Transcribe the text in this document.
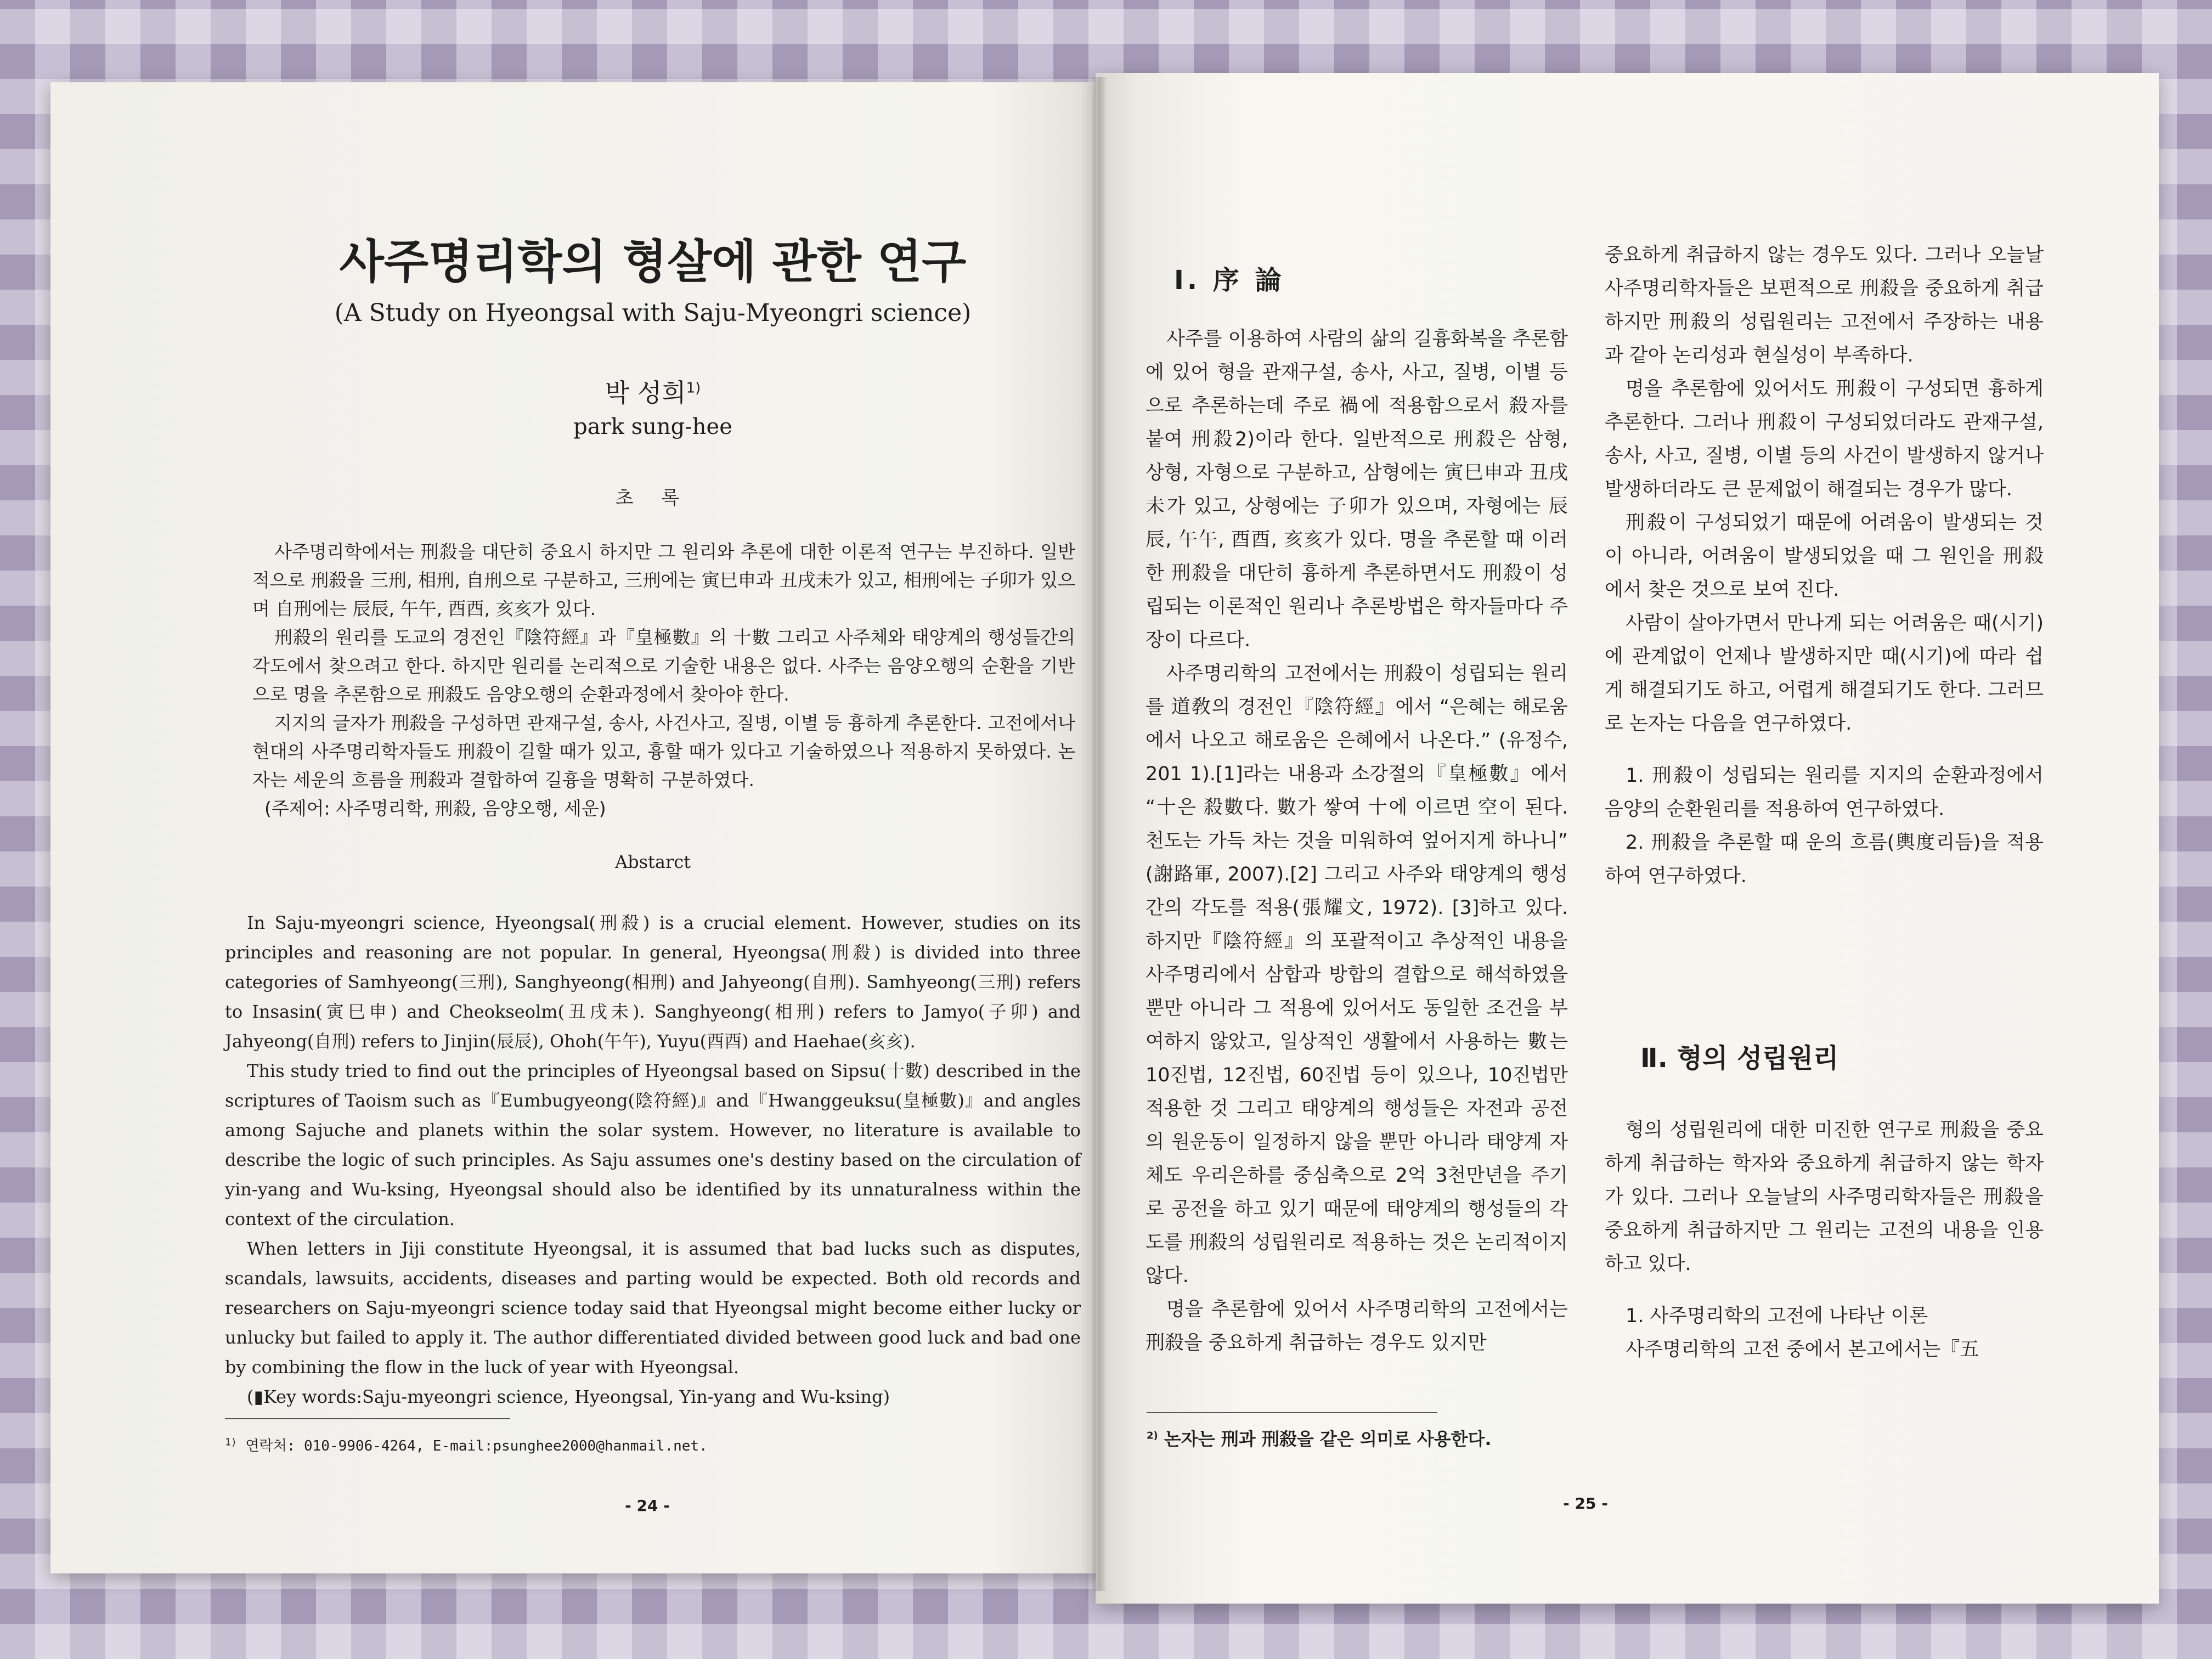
사주명리학의 형살에 관한 연구
(A Study on Hyeongsal with Saju-Myeongri science)
박 성희$^{1)}$
park sung-hee
초 록

사주명리학에서는 刑殺을 대단히 중요시 하지만 그 원리와 추론에 대한 이론적 연구는 부진하다. 일반적으로 刑殺을 三刑, 相刑, 自刑으로 구분하고, 三刑에는 寅巳申과 丑戌未가 있고, 相刑에는 子卯가 있으며 自刑에는 辰辰, 午午, 酉酉, 亥亥가 있다.

刑殺의 원리를 도교의 경전인『陰符經』과『皇極數』의 十數 그리고 사주체와 태양계의 행성들간의 각도에서 찾으려고 한다. 하지만 원리를 논리적으로 기술한 내용은 없다. 사주는 음양오행의 순환을 기반으로 명을 추론함으로 刑殺도 음양오행의 순환과정에서 찾아야 한다.

지지의 글자가 刑殺을 구성하면 관재구설, 송사, 사건사고, 질병, 이별 등 흉하게 추론한다. 고전에서나 현대의 사주명리학자들도 刑殺이 길할 때가 있고, 흉할 때가 있다고 기술하였으나 적용하지 못하였다. 논자는 세운의 흐름을 刑殺과 결합하여 길흉을 명확히 구분하였다.

(주제어: 사주명리학, 刑殺, 음양오행, 세운)

Abstarct

In Saju-myeongri science, Hyeongsal(刑殺) is a crucial element. However, studies on its principles and reasoning are not popular. In general, Hyeongsa(刑殺) is divided into three categories of Samhyeong(三刑), Sanghyeong(相刑) and Jahyeong(自刑). Samhyeong(三刑) refers to Insasin(寅巳申) and Cheokseolm(丑戌未). Sanghyeong(相刑) refers to Jamyo(子卯) and Jahyeong(自刑) refers to Jinjin(辰辰), Ohoh(午午), Yuyu(酉酉) and Haehae(亥亥).

This study tried to find out the principles of Hyeongsal based on Sipsu(十數) described in the scriptures of Taoism such as『Eumbugyeong(陰符經)』and『Hwanggeuksu(皇極數)』and angles among Sajuche and planets within the solar system. However, no literature is available to describe the logic of such principles. As Saju assumes one's destiny based on the circulation of yin-yang and Wu-ksing, Hyeongsal should also be identified by its unnaturalness within the context of the circulation.

When letters in Jiji constitute Hyeongsal, it is assumed that bad lucks such as disputes, scandals, lawsuits, accidents, diseases and parting would be expected. Both old records and researchers on Saju-myeongri science today said that Hyeongsal might become either lucky or unlucky but failed to apply it. The author differentiated divided between good luck and bad one by combining the flow in the luck of year with Hyeongsal.

(▮Key words:Saju-myeongri science, Hyeongsal, Yin-yang and Wu-ksing)

$^{1)}$ 연락처: 010-9906-4264, E-mail:psunghee2000@hanmail.net.
- 24 -
Ⅰ. 序 論

사주를 이용하여 사람의 삶의 길흉화복을 추론함에 있어 형을 관재구설, 송사, 사고, 질병, 이별 등으로 추론하는데 주로 禍에 적용함으로서 殺자를 붙여 刑殺2)이라 한다. 일반적으로 刑殺은 삼형, 상형, 자형으로 구분하고, 삼형에는 寅巳申과 丑戌未가 있고, 상형에는 子卯가 있으며, 자형에는 辰辰, 午午, 酉酉, 亥亥가 있다. 명을 추론할 때 이러한 刑殺을 대단히 흉하게 추론하면서도 刑殺이 성립되는 이론적인 원리나 추론방법은 학자들마다 주장이 다르다.

사주명리학의 고전에서는 刑殺이 성립되는 원리를 道敎의 경전인『陰符經』에서 “은혜는 해로움에서 나오고 해로움은 은혜에서 나온다.” (유정수, 201 1).[1]라는 내용과 소강절의『皇極數』에서 “十은 殺數다. 數가 쌓여 十에 이르면 空이 된다. 천도는 가득 차는 것을 미워하여 엎어지게 하나니” (謝路軍, 2007).[2] 그리고 사주와 태양계의 행성간의 각도를 적용(張耀文, 1972). [3]하고 있다. 하지만『陰符經』의 포괄적이고 추상적인 내용을 사주명리에서 삼합과 방합의 결합으로 해석하였을 뿐만 아니라 그 적용에 있어서도 동일한 조건을 부여하지 않았고, 일상적인 생활에서 사용하는 數는 10진법, 12진법, 60진법 등이 있으나, 10진법만 적용한 것 그리고 태양계의 행성들은 자전과 공전의 원운동이 일정하지 않을 뿐만 아니라 태양계 자체도 우리은하를 중심축으로 2억 3천만년을 주기로 공전을 하고 있기 때문에 태양계의 행성들의 각도를 刑殺의 성립원리로 적용하는 것은 논리적이지 않다.

명을 추론함에 있어서 사주명리학의 고전에서는 刑殺을 중요하게 취급하는 경우도 있지만

중요하게 취급하지 않는 경우도 있다. 그러나 오늘날 사주명리학자들은 보편적으로 刑殺을 중요하게 취급하지만 刑殺의 성립원리는 고전에서 주장하는 내용과 같아 논리성과 현실성이 부족하다.

명을 추론함에 있어서도 刑殺이 구성되면 흉하게 추론한다. 그러나 刑殺이 구성되었더라도 관재구설, 송사, 사고, 질병, 이별 등의 사건이 발생하지 않거나 발생하더라도 큰 문제없이 해결되는 경우가 많다.

刑殺이 구성되었기 때문에 어려움이 발생되는 것이 아니라, 어려움이 발생되었을 때 그 원인을 刑殺에서 찾은 것으로 보여 진다.

사람이 살아가면서 만나게 되는 어려움은 때(시기)에 관계없이 언제나 발생하지만 때(시기)에 따라 쉽게 해결되기도 하고, 어렵게 해결되기도 한다. 그러므로 논자는 다음을 연구하였다.

1. 刑殺이 성립되는 원리를 지지의 순환과정에서 음양의 순환원리를 적용하여 연구하였다.

2. 刑殺을 추론할 때 운의 흐름(輿度리듬)을 적용하여 연구하였다.

Ⅱ. 형의 성립원리

형의 성립원리에 대한 미진한 연구로 刑殺을 중요하게 취급하는 학자와 중요하게 취급하지 않는 학자가 있다. 그러나 오늘날의 사주명리학자들은 刑殺을 중요하게 취급하지만 그 원리는 고전의 내용을 인용하고 있다.

1. 사주명리학의 고전에 나타난 이론

사주명리학의 고전 중에서 본고에서는『五

$^{2)}$ 논자는 刑과 刑殺을 같은 의미로 사용한다.
- 25 -
